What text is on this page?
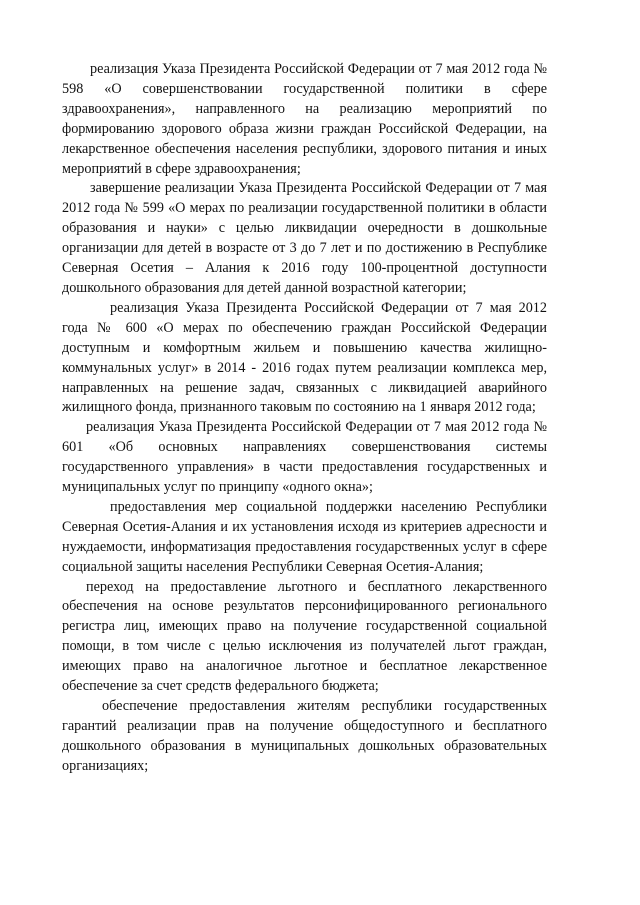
реализация Указа Президента Российской Федерации от 7 мая 2012 года № 598 «О совершенствовании государственной политики в сфере здравоохранения», направленного на реализацию мероприятий по формированию здорового образа жизни граждан Российской Федерации, на лекарственное обеспечения населения республики, здорового питания и иных мероприятий в сфере здравоохранения;

завершение реализации Указа Президента Российской Федерации от 7 мая 2012 года № 599 «О мерах по реализации государственной политики в области образования и науки» с целью ликвидации очередности в дошкольные организации для детей в возрасте от 3 до 7 лет и по достижению в Республике Северная Осетия – Алания к 2016 году 100-процентной доступности дошкольного образования для детей данной возрастной категории;

реализация Указа Президента Российской Федерации от 7 мая 2012 года № 600 «О мерах по обеспечению граждан Российской Федерации доступным и комфортным жильем и повышению качества жилищно-коммунальных услуг» в 2014 - 2016 годах путем реализации комплекса мер, направленных на решение задач, связанных с ликвидацией аварийного жилищного фонда, признанного таковым по состоянию на 1 января 2012 года;

реализация Указа Президента Российской Федерации от 7 мая 2012 года № 601 «Об основных направлениях совершенствования системы государственного управления» в части предоставления государственных и муниципальных услуг по принципу «одного окна»;

предоставления мер социальной поддержки населению Республики Северная Осетия-Алания и их установления исходя из критериев адресности и нуждаемости, информатизация предоставления государственных услуг в сфере социальной защиты населения Республики Северная Осетия-Алания;

переход на предоставление льготного и бесплатного лекарственного обеспечения на основе результатов персонифицированного регионального регистра лиц, имеющих право на получение государственной социальной помощи, в том числе с целью исключения из получателей льгот граждан, имеющих право на аналогичное льготное и бесплатное лекарственное обеспечение за счет средств федерального бюджета;

обеспечение предоставления жителям республики государственных гарантий реализации прав на получение общедоступного и бесплатного дошкольного образования в муниципальных дошкольных образовательных организациях;
